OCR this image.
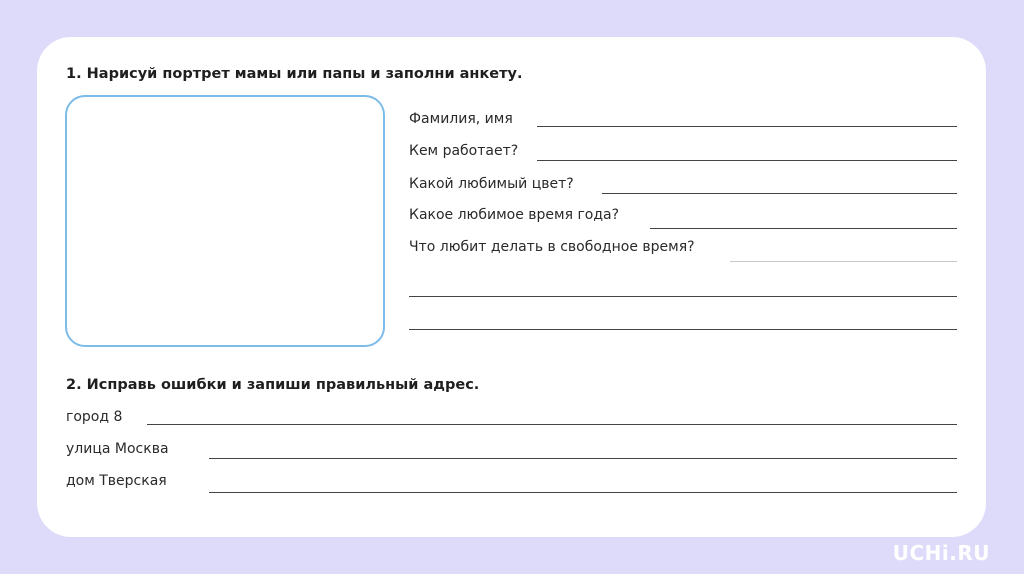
1. Нарисуй портрет мамы или папы и заполни анкету.
Фамилия, имя
Кем работает?
Какой любимый цвет?
Какое любимое время года?
Что любит делать в свободное время?
2. Исправь ошибки и запиши правильный адрес.
город 8
улица Москва
дом Тверская
UCHi.RU
